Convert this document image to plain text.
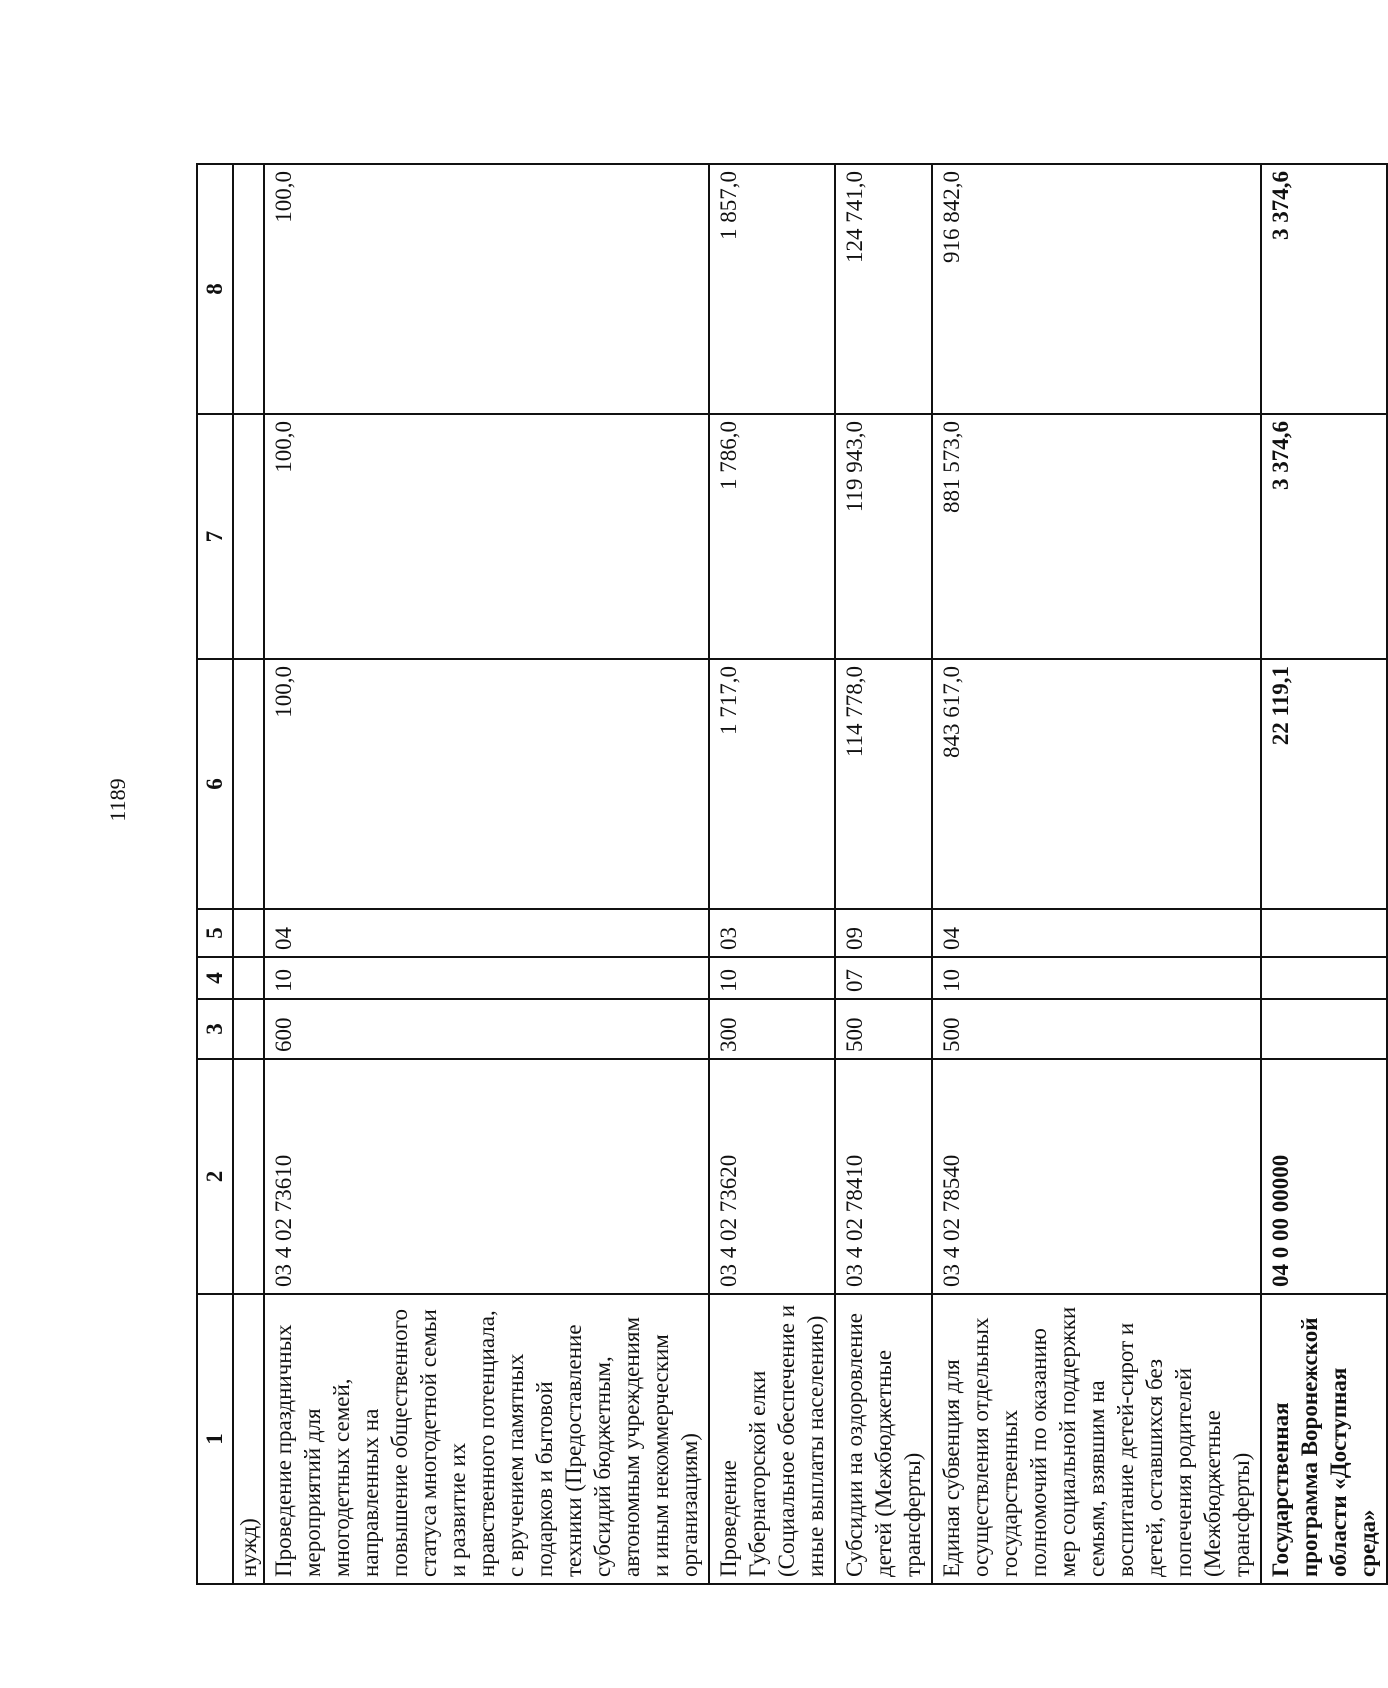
1189
1	2	3	4	5	6	7	8
нужд)							
Проведение праздничных мероприятий для многодетных семей, направленных на повышение общественного статуса многодетной семьи и развитие их нравственного потенциала, с вручением памятных подарков и бытовой техники (Предоставление субсидий бюджетным, автономным учреждениям и иным некоммерческим организациям)	03 4 02 73610	600	10	04	100,0	100,0	100,0
Проведение Губернаторской елки (Социальное обеспечение и иные выплаты населению)	03 4 02 73620	300	10	03	1 717,0	1 786,0	1 857,0
Субсидии на оздоровление детей (Межбюджетные трансферты)	03 4 02 78410	500	07	09	114 778,0	119 943,0	124 741,0
Единая субвенция для осуществления отдельных государственных полномочий по оказанию мер социальной поддержки семьям, взявшим на воспитание детей-сирот и детей, оставшихся без попечения родителей (Межбюджетные трансферты)	03 4 02 78540	500	10	04	843 617,0	881 573,0	916 842,0
Государственная программа Воронежской области «Доступная среда»	04 0 00 00000				22 119,1	3 374,6	3 374,6
